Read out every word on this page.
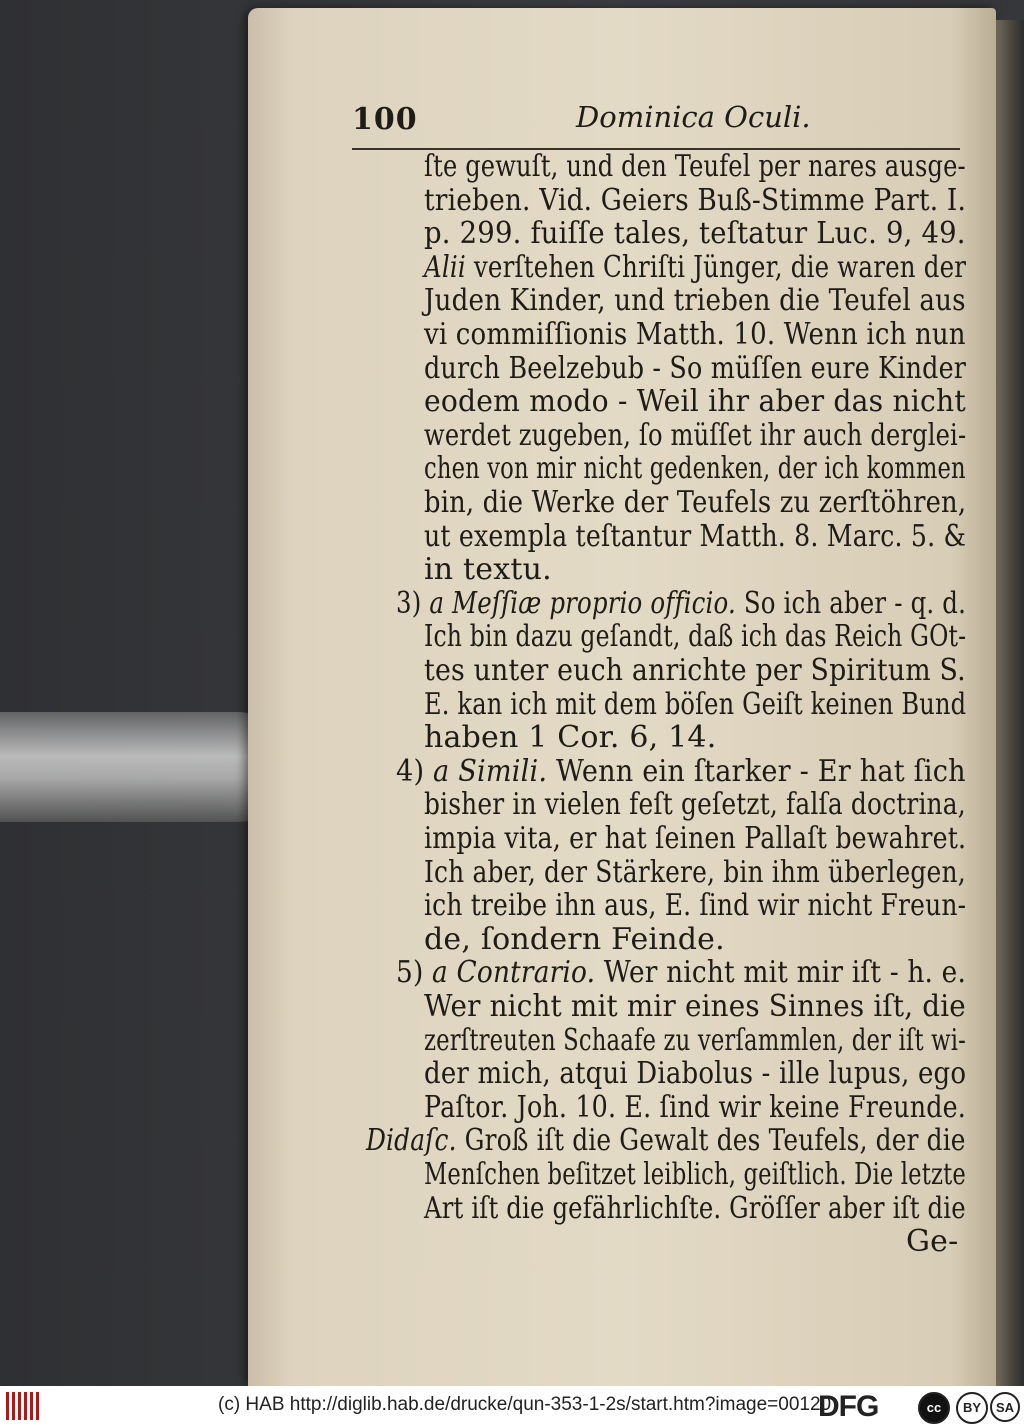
100	Dominica Oculi.
ſte gewuſt, und den Teufel per nares ausge-
trieben. Vid. Geiers Buß-Stimme Part. I.
p. 299. fuiſſe tales, teſtatur Luc. 9, 49.
Alii verſtehen Chriſti Jünger, die waren der
Juden Kinder, und trieben die Teufel aus
vi commiſſionis Matth. 10. Wenn ich nun
durch Beelzebub - So müſſen eure Kinder
eodem modo - Weil ihr aber das nicht
werdet zugeben, ſo müſſet ihr auch derglei-
chen von mir nicht gedenken, der ich kommen
bin, die Werke der Teufels zu zerſtöhren,
ut exempla teſtantur Matth. 8. Marc. 5. &
in textu.
3) a Meſſiæ proprio officio. So ich aber - q. d.
Ich bin dazu geſandt, daß ich das Reich GOt-
tes unter euch anrichte per Spiritum S.
E. kan ich mit dem böſen Geiſt keinen Bund
haben 1 Cor. 6, 14.
4) a Simili. Wenn ein ſtarker - Er hat ſich
bisher in vielen feſt geſetzt, falſa doctrina,
impia vita, er hat ſeinen Pallaſt bewahret.
Ich aber, der Stärkere, bin ihm überlegen,
ich treibe ihn aus, E. ſind wir nicht Freun-
de, ſondern Feinde.
5) a Contrario. Wer nicht mit mir iſt - h. e.
Wer nicht mit mir eines Sinnes iſt, die
zerſtreuten Schaafe zu verſammlen, der iſt wi-
der mich, atqui Diabolus - ille lupus, ego
Paſtor. Joh. 10. E. ſind wir keine Freunde.
Didaſc. Groß iſt die Gewalt des Teufels, der die
Menſchen beſitzet leiblich, geiſtlich. Die letzte
Art iſt die gefährlichſte. Gröſſer aber iſt die
Ge-
(c) HAB http://diglib.hab.de/drucke/qun-353-1-2s/start.htm?image=00120
DFG	cc	BY	SA
